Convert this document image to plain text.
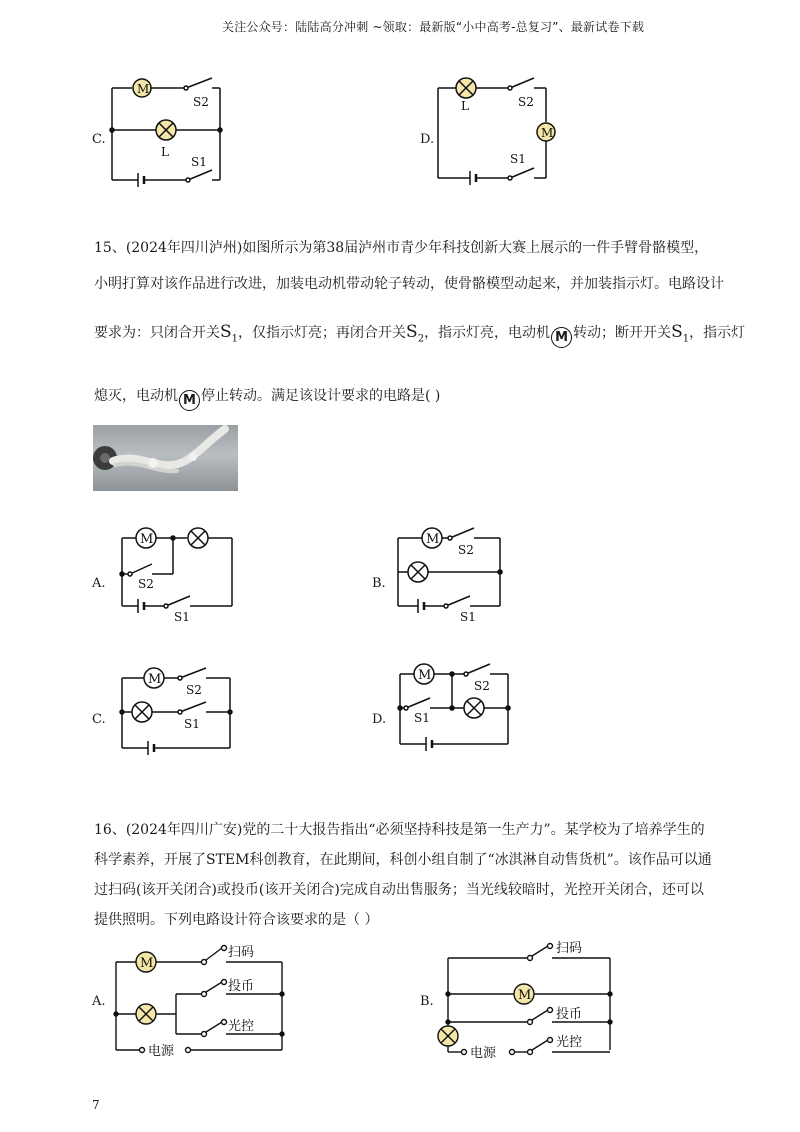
关注公众号：陆陆高分冲刺 ~领取：最新版“小中高考-总复习”、最新试卷下载
C.
M
S2
L
S1
D.
L	S2
M
S1
15、(2024年四川泸州)如图所示为第38届泸州市青少年科技创新大赛上展示的一件手臂骨骼模型，
小明打算对该作品进行改进，加装电动机带动轮子转动，使骨骼模型动起来，并加装指示灯。电路设计
要求为：只闭合开关$S_1$，仅指示灯亮；再闭合开关$S_2$，指示灯亮，电动机 M 转动；断开开关$S_1$，指示灯
熄灭，电动机 M 停止转动。满足该设计要求的电路是( )
A.
M
S2
S1
B.
M
S2
S1
C.
M
S2
S1	D.
M
S2
S1
16、(2024年四川广安)党的二十大报告指出“必须坚持科技是第一生产力”。某学校为了培养学生的
科学素养，开展了STEM科创教育，在此期间，科创小组自制了“冰淇淋自动售货机”。该作品可以通
过扫码(该开关闭合)或投币(该开关闭合)完成自动出售服务；当光线较暗时，光控开关闭合，还可以
提供照明。下列电路设计符合该要求的是（ ）
A.
M
扫码
投币
光控
电源
B.
扫码
M
投币
电源
光控
7
